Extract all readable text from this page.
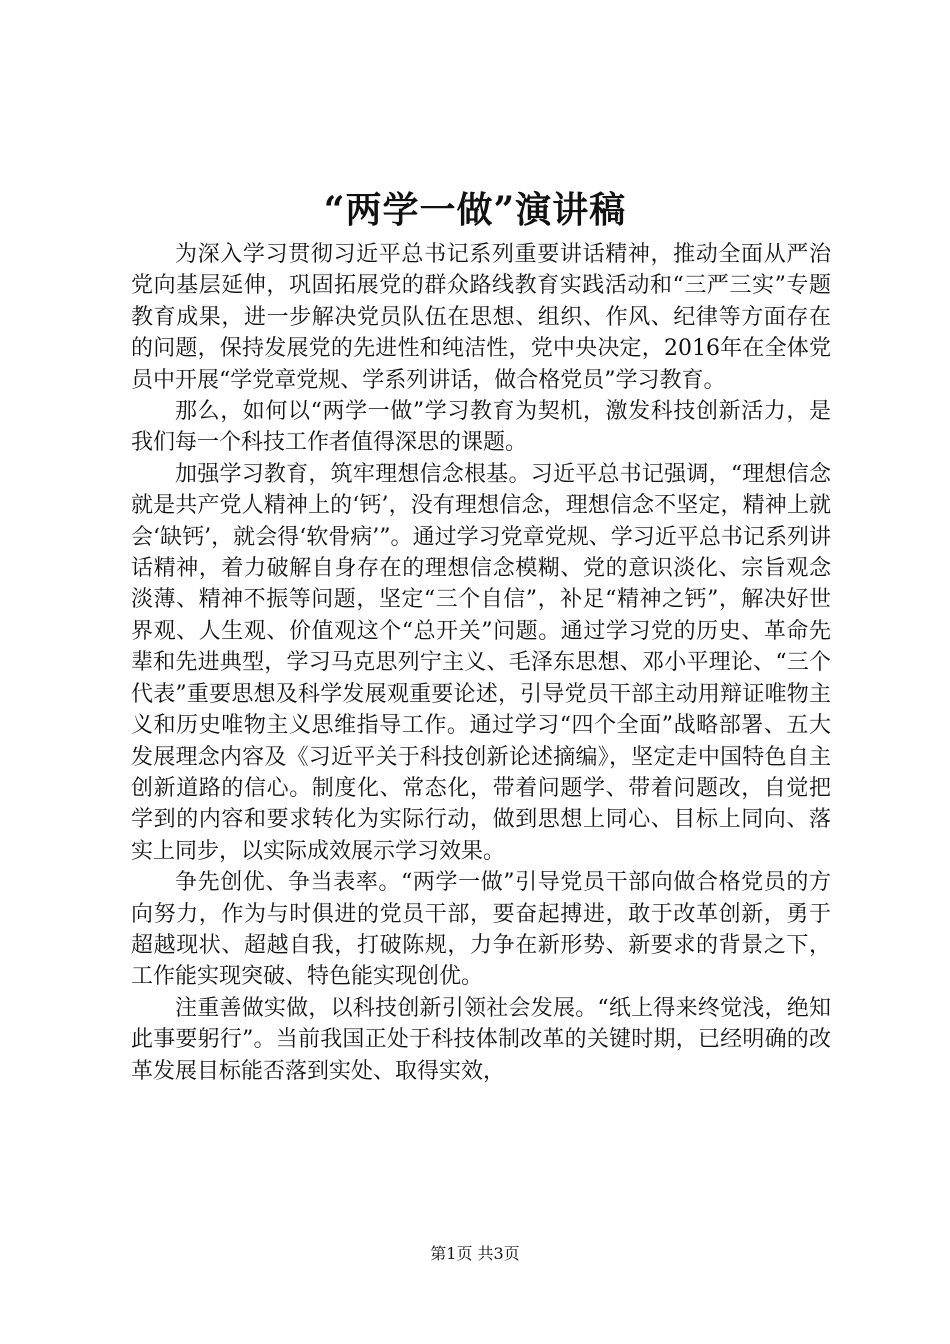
“两学一做”演讲稿

为深入学习贯彻习近平总书记系列重要讲话精神，推动全面从严治党向基层延伸，巩固拓展党的群众路线教育实践活动和“三严三实”专题教育成果，进一步解决党员队伍在思想、组织、作风、纪律等方面存在的问题，保持发展党的先进性和纯洁性，党中央决定，2016年在全体党员中开展“学党章党规、学系列讲话，做合格党员”学习教育。

那么，如何以“两学一做”学习教育为契机，激发科技创新活力，是我们每一个科技工作者值得深思的课题。

加强学习教育，筑牢理想信念根基。习近平总书记强调，“理想信念就是共产党人精神上的‘钙’，没有理想信念，理想信念不坚定，精神上就会‘缺钙’，就会得‘软骨病’”。通过学习党章党规、学习近平总书记系列讲话精神，着力破解自身存在的理想信念模糊、党的意识淡化、宗旨观念淡薄、精神不振等问题，坚定“三个自信”，补足“精神之钙”，解决好世界观、人生观、价值观这个“总开关”问题。通过学习党的历史、革命先辈和先进典型，学习马克思列宁主义、毛泽东思想、邓小平理论、“三个代表”重要思想及科学发展观重要论述，引导党员干部主动用辩证唯物主义和历史唯物主义思维指导工作。通过学习“四个全面”战略部署、五大发展理念内容及《习近平关于科技创新论述摘编》，坚定走中国特色自主创新道路的信心。制度化、常态化，带着问题学、带着问题改，自觉把学到的内容和要求转化为实际行动，做到思想上同心、目标上同向、落实上同步，以实际成效展示学习效果。

争先创优、争当表率。“两学一做”引导党员干部向做合格党员的方向努力，作为与时俱进的党员干部，要奋起搏进，敢于改革创新，勇于超越现状、超越自我，打破陈规，力争在新形势、新要求的背景之下，工作能实现突破、特色能实现创优。

注重善做实做，以科技创新引领社会发展。“纸上得来终觉浅，绝知此事要躬行”。当前我国正处于科技体制改革的关键时期，已经明确的改革发展目标能否落到实处、取得实效，

第1页 共3页
